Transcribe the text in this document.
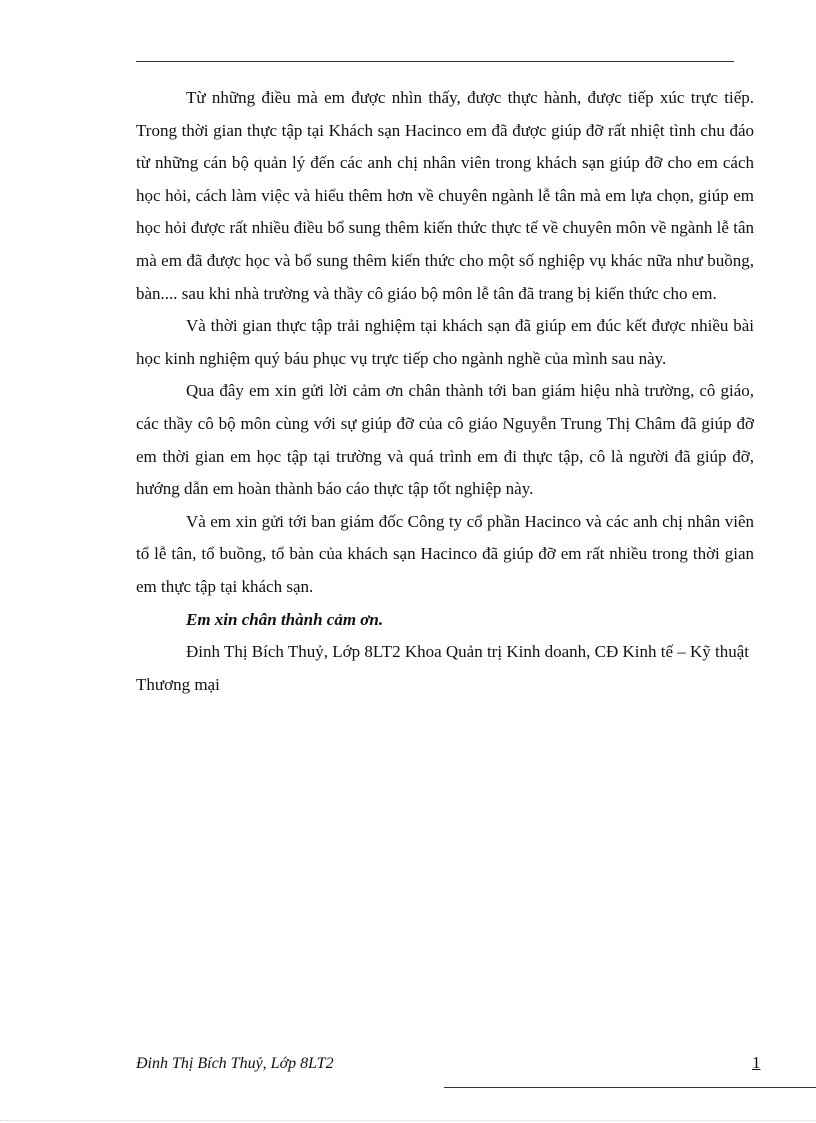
Từ những điều mà em được nhìn thấy, được thực hành, được tiếp xúc trực tiếp. Trong thời gian thực tập tại Khách sạn Hacinco em đã được giúp đỡ rất nhiệt tình chu đáo từ những cán bộ quản lý đến các anh chị nhân viên trong khách sạn giúp đỡ cho em cách học hỏi, cách làm việc và hiểu thêm hơn về chuyên ngành lễ tân mà em lựa chọn, giúp em học hỏi được rất nhiều điều bổ sung thêm kiến thức thực tế về chuyên môn về ngành lễ tân mà em đã được học và bổ sung thêm kiến thức cho một số nghiệp vụ khác nữa như buồng, bàn.... sau khi nhà trường và thầy cô giáo bộ môn lễ tân đã trang bị kiến thức cho em.

Và thời gian thực tập trải nghiệm tại khách sạn đã giúp em đúc kết được nhiều bài học kinh nghiệm quý báu phục vụ trực tiếp cho ngành nghề của mình sau này.

Qua đây em xin gửi lời cảm ơn chân thành tới ban giám hiệu nhà trường, cô giáo, các thầy cô bộ môn cùng với sự giúp đỡ của cô giáo Nguyễn Trung Thị Châm đã giúp đỡ em thời gian em học tập tại trường và quá trình em đi thực tập, cô là người đã giúp đỡ, hướng dẫn em hoàn thành báo cáo thực tập tốt nghiệp này.

Và em xin gửi tới ban giám đốc Công ty cổ phần Hacinco và các anh chị nhân viên tổ lễ tân, tổ buồng, tổ bàn của khách sạn Hacinco đã giúp đỡ em rất nhiều trong thời gian em thực tập tại khách sạn.

Em xin chân thành cảm ơn.

Đinh Thị Bích Thuỷ, Lớp 8LT2 Khoa Quản trị Kinh doanh, CĐ Kinh tế – Kỹ thuật Thương mại

Đinh Thị Bích Thuỷ, Lớp 8LT2	1
